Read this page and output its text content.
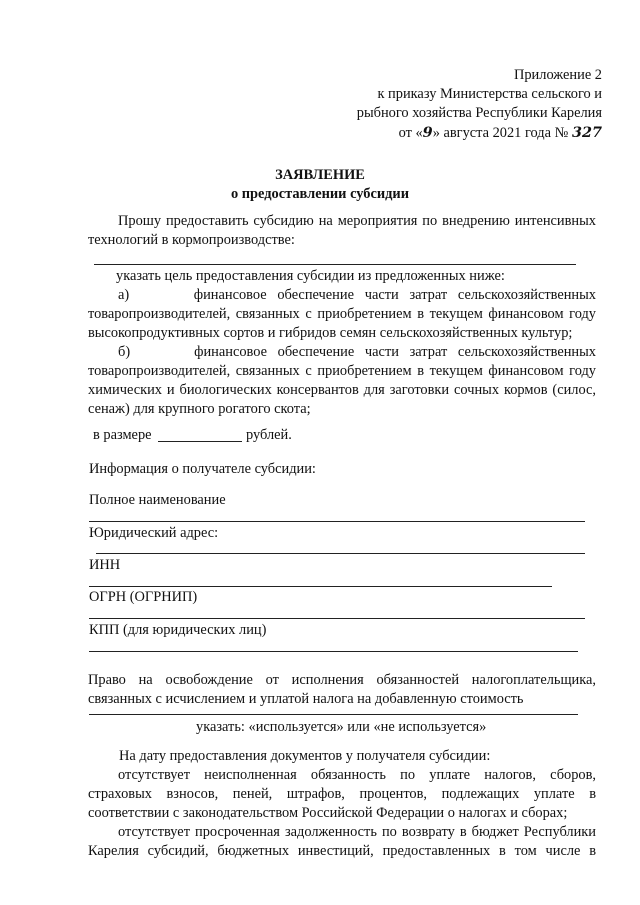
Приложение 2
к приказу Министерства сельского и
рыбного хозяйства Республики Карелия
от «9» августа 2021 года № 327
ЗАЯВЛЕНИЕ
о предоставлении субсидии
Прошу предоставить субсидию на мероприятия по внедрению интенсивных технологий в кормопроизводстве:
указать цель предоставления субсидии из предложенных ниже:
а)      финансовое обеспечение части затрат сельскохозяйственных товаропроизводителей, связанных с приобретением в текущем финансовом году высокопродуктивных сортов и гибридов семян сельскохозяйственных культур;
б)      финансовое обеспечение части затрат сельскохозяйственных товаропроизводителей, связанных с приобретением в текущем финансовом году химических и биологических консервантов для заготовки сочных кормов (силос, сенаж) для крупного рогатого скота;
в размере	рублей.
Информация о получателе субсидии:
Полное наименование
Юридический адрес:
ИНН
ОГРН (ОГРНИП)
КПП (для юридических лиц)
Право на освобождение от исполнения обязанностей налогоплательщика, связанных с исчислением и уплатой налога на добавленную стоимость
указать: «используется» или «не используется»
На дату предоставления документов у получателя субсидии:
отсутствует неисполненная обязанность по уплате налогов, сборов, страховых взносов, пеней, штрафов, процентов, подлежащих уплате в соответствии с законодательством Российской Федерации о налогах и сборах;
отсутствует просроченная задолженность по возврату в бюджет Республики Карелия субсидий, бюджетных инвестиций, предоставленных в том числе в
